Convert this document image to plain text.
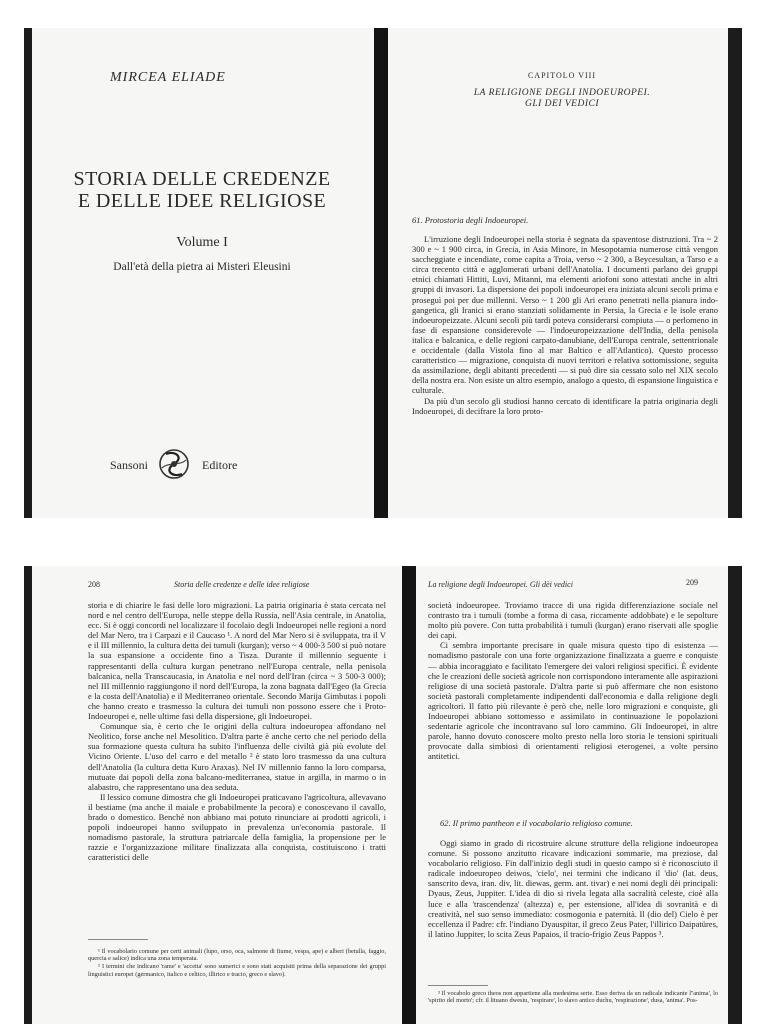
MIRCEA ELIADE
STORIA DELLE CREDENZE
E DELLE IDEE RELIGIOSE
Volume I
Dall'età della pietra ai Misteri Eleusini
Sansoni	Editore
CAPITOLO VIII
LA RELIGIONE DEGLI INDOEUROPEI.
GLI DEI VEDICI
61. Protostoria degli Indoeuropei.

L'irruzione degli Indoeuropei nella storia è segnata da spaventose distruzioni. Tra ~ 2 300 e ~ 1 900 circa, in Grecia, in Asia Minore, in Mesopotamia numerose città vengon saccheggiate e incendiate, come capita a Troia, verso ~ 2 300, a Beycesultan, a Tarso e a circa trecento città e agglomerati urbani dell'Anatolia. I documenti parlano dei gruppi etnici chiamati Hittiti, Luvi, Mitanni, ma elementi ariofoni sono attestati anche in altri gruppi di invasori. La dispersione dei popoli indoeuropei era iniziata alcuni secoli prima e proseguì poi per due millenni. Verso ~ 1 200 gli Ari erano penetrati nella pianura indo-gangetica, gli Iranici si erano stanziati solidamente in Persia, la Grecia e le isole erano indoeuropeizzate. Alcuni secoli più tardi poteva considerarsi compiuta — o perlomeno in fase di espansione considerevole — l'indoeuropeizzazione dell'India, della penisola italica e balcanica, e delle regioni carpato-danubiane, dell'Europa centrale, settentrionale e occidentale (dalla Vistola fino al mar Baltico e all'Atlantico). Questo processo caratteristico — migrazione, conquista di nuovi territori e relativa sottomissione, seguita da assimilazione, degli abitanti precedenti — si può dire sia cessato solo nel XIX secolo della nostra era. Non esiste un altro esempio, analogo a questo, di espansione linguistica e culturale.

Da più d'un secolo gli studiosi hanno cercato di identificare la patria originaria degli Indoeuropei, di decifrare la loro proto-

208	Storia delle credenze e delle idee religiose

storia e di chiarire le fasi delle loro migrazioni. La patria originaria è stata cercata nel nord e nel centro dell'Europa, nelle steppe della Russia, nell'Asia centrale, in Anatolia, ecc. Si è oggi concordi nel localizzare il focolaio degli Indoeuropei nelle regioni a nord del Mar Nero, tra i Carpazi e il Caucaso ¹. A nord del Mar Nero si è sviluppata, tra il V e il III millennio, la cultura detta dei tumuli (kurgan); verso ~ 4 000-3 500 si può notare la sua espansione a occidente fino a Tisza. Durante il millennio seguente i rappresentanti della cultura kurgan penetrano nell'Europa centrale, nella penisola balcanica, nella Transcaucasia, in Anatolia e nel nord dell'Iran (circa ~ 3 500-3 000); nel III millennio raggiungono il nord dell'Europa, la zona bagnata dall'Egeo (la Grecia e la costa dell'Anatolia) e il Mediterraneo orientale. Secondo Marija Gimbutas i popoli che hanno creato e trasmesso la cultura dei tumuli non possono essere che i Proto-Indoeuropei e, nelle ultime fasi della dispersione, gli Indoeuropei.

Comunque sia, è certo che le origini della cultura indoeuropea affondano nel Neolitico, forse anche nel Mesolitico. D'altra parte è anche certo che nel periodo della sua formazione questa cultura ha subito l'influenza delle civiltà già più evolute del Vicino Oriente. L'uso del carro e del metallo ² è stato loro trasmesso da una cultura dell'Anatolia (la cultura detta Kuro Araxas). Nel IV millennio fanno la loro comparsa, mutuate dai popoli della zona balcano-mediterranea, statue in argilla, in marmo o in alabastro, che rappresentano una dea seduta.

Il lessico comune dimostra che gli Indoeuropei praticavano l'agricoltura, allevavano il bestiame (ma anche il maiale e probabilmente la pecora) e conoscevano il cavallo, brado o domestico. Benché non abbiano mai potuto rinunciare ai prodotti agricoli, i popoli indoeuropei hanno sviluppato in prevalenza un'economia pastorale. Il nomadismo pastorale, la struttura patriarcale della famiglia, la propensione per le razzie e l'organizzazione militare finalizzata alla conquista, costituiscono i tratti caratteristici delle

¹ Il vocabolario comune per certi animali (lupo, orso, oca, salmone di fiume, vespa, ape) e alberi (betulla, faggio, quercia e salice) indica una zona temperata.

² I termini che indicano 'rame' e 'accetta' sono sumerici e sono stati acquisiti prima della separazione dei gruppi linguistici europei (germanico, italico e celtico, illirico e tracio, greco e slavo).

La religione degli Indoeuropei. Gli dèi vedici	209

società indoeuropee. Troviamo tracce di una rigida differenziazione sociale nel contrasto tra i tumuli (tombe a forma di casa, riccamente addobbate) e le sepolture molto più povere. Con tutta probabilità i tumuli (kurgan) erano riservati alle spoglie dei capi.

Ci sembra importante precisare in quale misura questo tipo di esistenza — nomadismo pastorale con una forte organizzazione finalizzata a guerre e conquiste — abbia incoraggiato e facilitato l'emergere dei valori religiosi specifici. È evidente che le creazioni delle società agricole non corrispondono interamente alle aspirazioni religiose di una società pastorale. D'altra parte si può affermare che non esistono società pastorali completamente indipendenti dall'economia e dalla religione degli agricoltori. Il fatto più rilevante è però che, nelle loro migrazioni e conquiste, gli Indoeuropei abbiano sottomesso e assimilato in continuazione le popolazioni sedentarie agricole che incontravano sul loro cammino. Gli Indoeuropei, in altre parole, hanno dovuto conoscere molto presto nella loro storia le tensioni spirituali provocate dalla simbiosi di orientamenti religiosi eterogenei, a volte persino antitetici.

62. Il primo pantheon e il vocabolario religioso comune.

Oggi siamo in grado di ricostruire alcune strutture della religione indoeuropea comune. Si possono anzitutto ricavare indicazioni sommarie, ma preziose, dal vocabolario religioso. Fin dall'inizio degli studi in questo campo si è riconosciuto il radicale indoeuropeo deiwos, 'cielo', nei termini che indicano il 'dio' (lat. deus, sanscrito deva, iran. div, lit. diewas, germ. ant. tivar) e nei nomi degli dèi principali: Dyaus, Zeus, Juppiter. L'idea di dio si rivela legata alla sacralità celeste, cioè alla luce e alla 'trascendenza' (altezza) e, per estensione, all'idea di sovranità e di creatività, nel suo senso immediato: cosmogonia e paternità. Il (dio del) Cielo è per eccellenza il Padre: cfr. l'indiano Dyauspitar, il greco Zeus Pater, l'illirico Daipatüres, il latino Juppiter, lo scita Zeus Papaios, il tracio-frigio Zeus Pappos ³.

³ Il vocabolo greco theos non appartiene alla medesima serie. Esso deriva da un radicale indicante l''anima', lo 'spirito del morto'; cfr. il lituano dwesiu, 'respirare', lo slavo antico duchu, 'respirazione', dusa, 'anima'. Pos-
